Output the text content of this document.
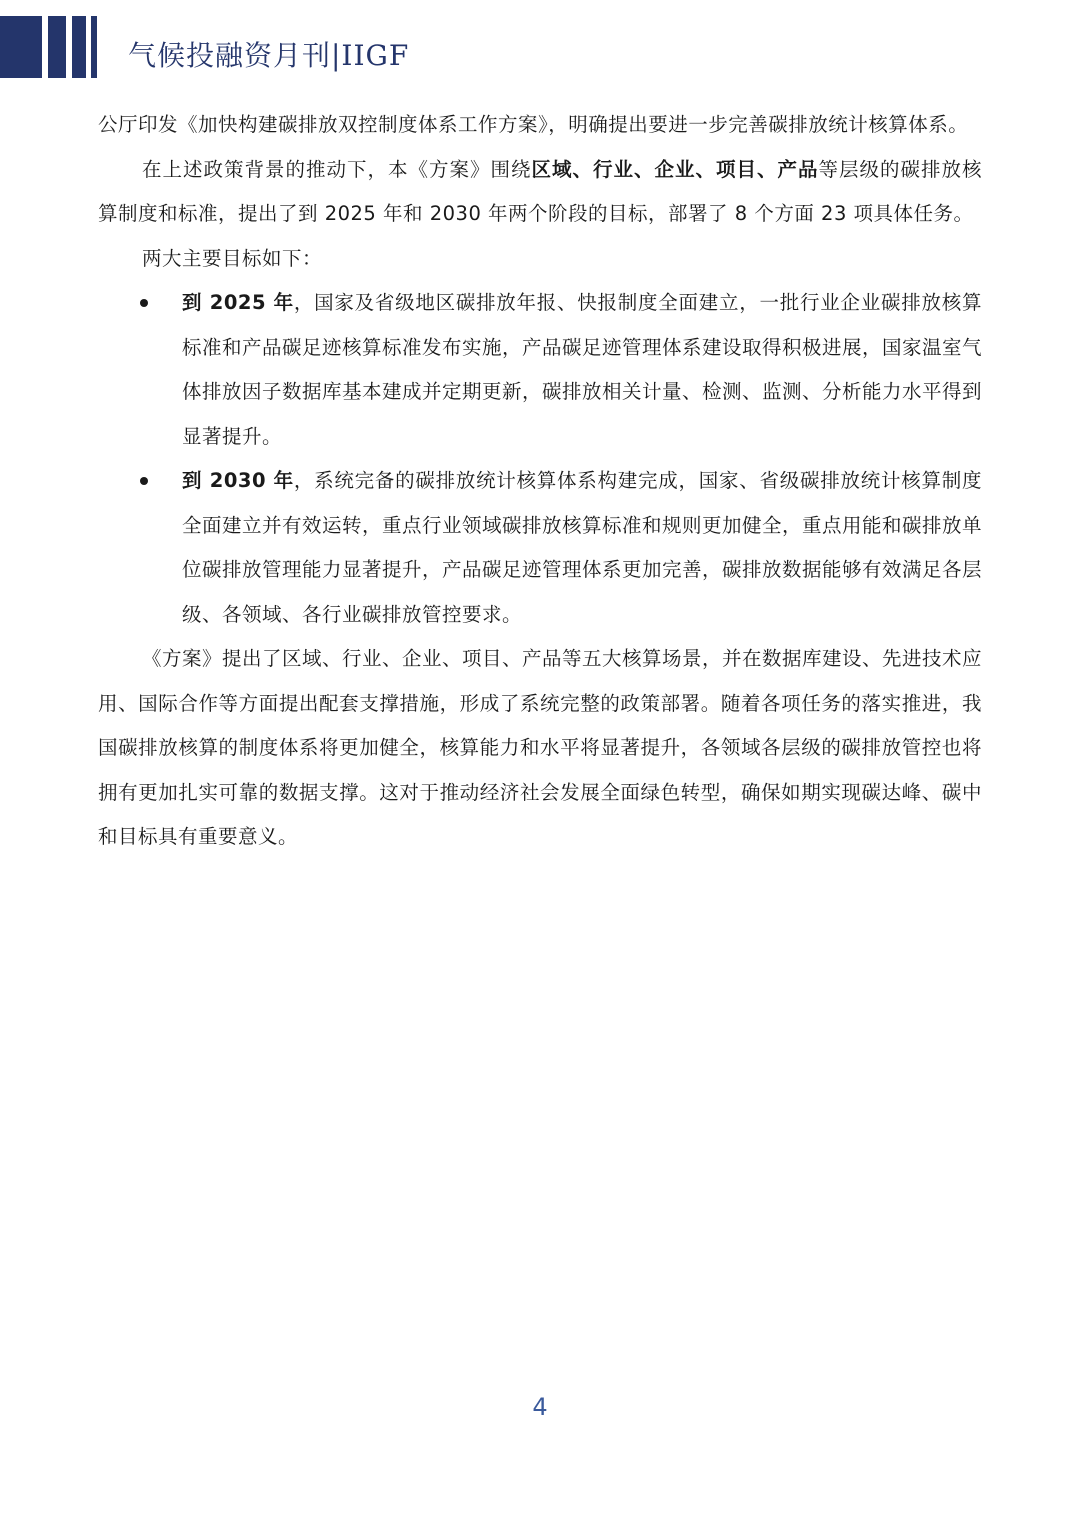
气候投融资月刊|IIGF

公厅印发《加快构建碳排放双控制度体系工作方案》，明确提出要进一步完善碳排放统计核算体系。

在上述政策背景的推动下，本《方案》围绕区域、行业、企业、项目、产品等层级的碳排放核算制度和标准，提出了到 2025 年和 2030 年两个阶段的目标，部署了 8 个方面 23 项具体任务。

两大主要目标如下：

到 2025 年，国家及省级地区碳排放年报、快报制度全面建立，一批行业企业碳排放核算标准和产品碳足迹核算标准发布实施，产品碳足迹管理体系建设取得积极进展，国家温室气体排放因子数据库基本建成并定期更新，碳排放相关计量、检测、监测、分析能力水平得到显著提升。
到 2030 年，系统完备的碳排放统计核算体系构建完成，国家、省级碳排放统计核算制度全面建立并有效运转，重点行业领域碳排放核算标准和规则更加健全，重点用能和碳排放单位碳排放管理能力显著提升，产品碳足迹管理体系更加完善，碳排放数据能够有效满足各层级、各领域、各行业碳排放管控要求。

《方案》提出了区域、行业、企业、项目、产品等五大核算场景，并在数据库建设、先进技术应用、国际合作等方面提出配套支撑措施，形成了系统完整的政策部署。随着各项任务的落实推进，我国碳排放核算的制度体系将更加健全，核算能力和水平将显著提升，各领域各层级的碳排放管控也将拥有更加扎实可靠的数据支撑。这对于推动经济社会发展全面绿色转型，确保如期实现碳达峰、碳中和目标具有重要意义。

4
